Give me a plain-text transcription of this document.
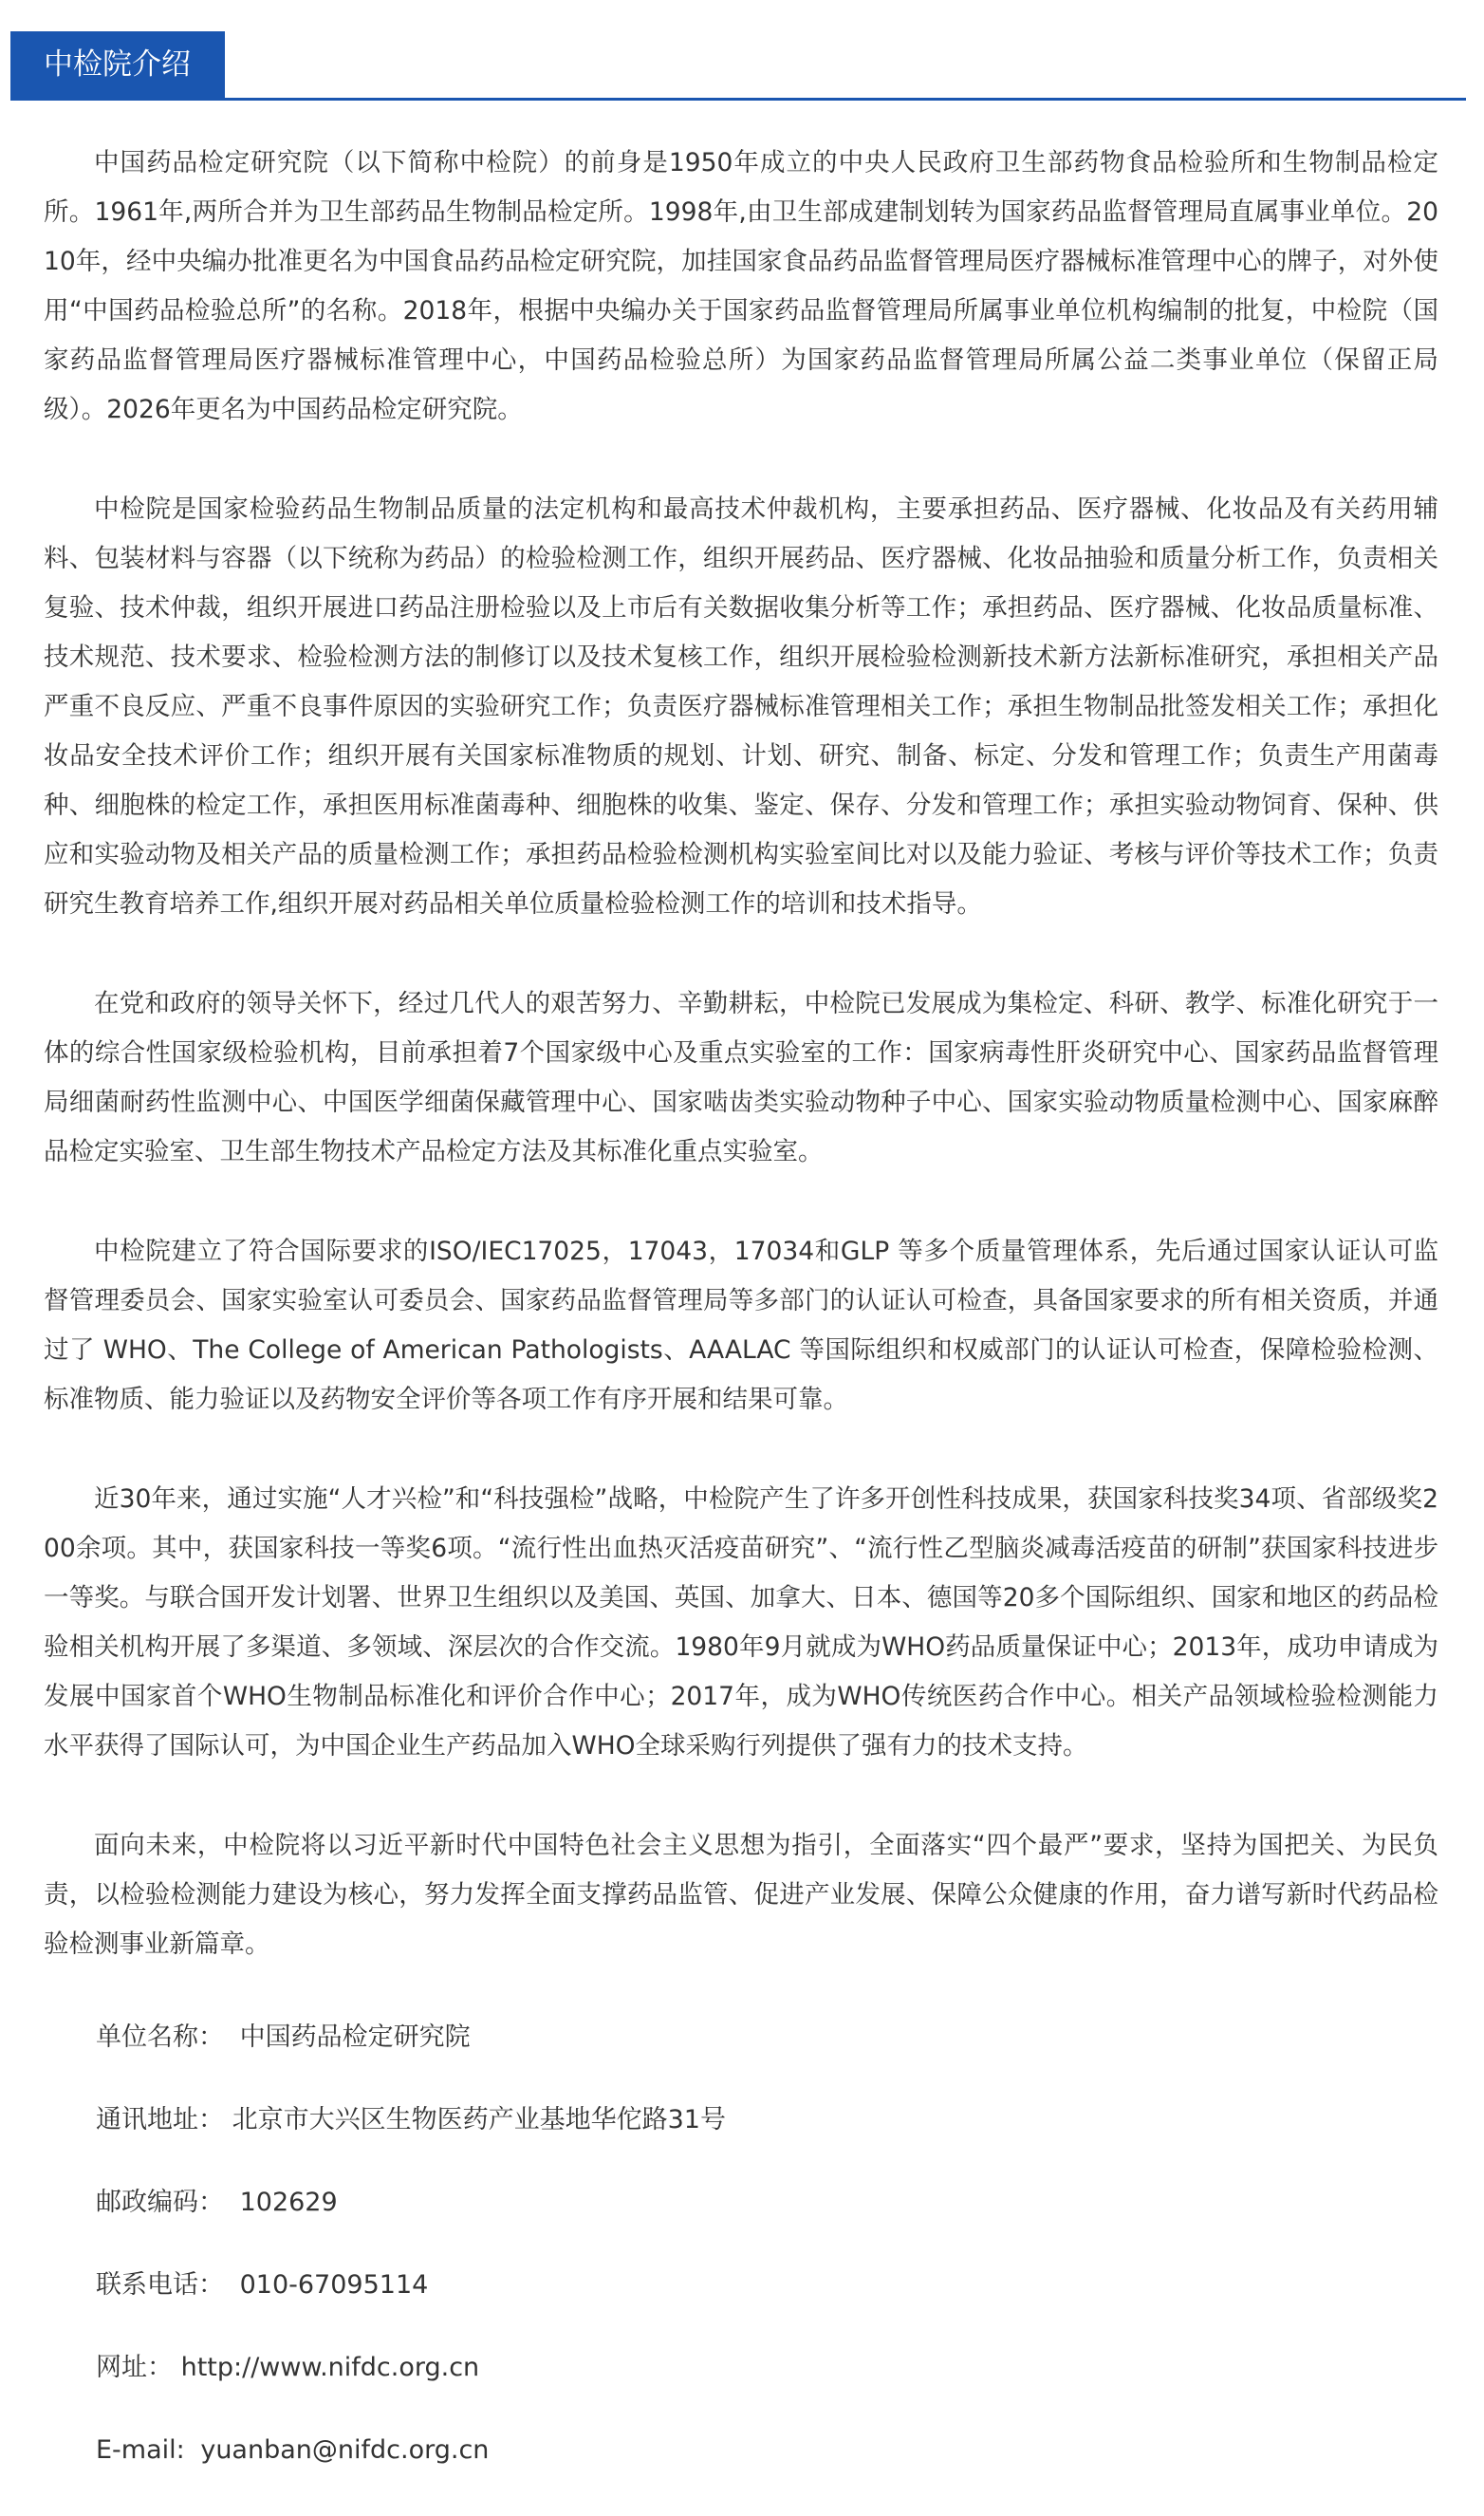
中检院介绍

中国药品检定研究院（以下简称中检院）的前身是1950年成立的中央人民政府卫生部药物食品检验所和生物制品检定所。1961年,两所合并为卫生部药品生物制品检定所。1998年,由卫生部成建制划转为国家药品监督管理局直属事业单位。2010年，经中央编办批准更名为中国食品药品检定研究院，加挂国家食品药品监督管理局医疗器械标准管理中心的牌子，对外使用“中国药品检验总所”的名称。2018年，根据中央编办关于国家药品监督管理局所属事业单位机构编制的批复，中检院（国家药品监督管理局医疗器械标准管理中心，中国药品检验总所）为国家药品监督管理局所属公益二类事业单位（保留正局级）。2026年更名为中国药品检定研究院。

中检院是国家检验药品生物制品质量的法定机构和最高技术仲裁机构，主要承担药品、医疗器械、化妆品及有关药用辅料、包装材料与容器（以下统称为药品）的检验检测工作，组织开展药品、医疗器械、化妆品抽验和质量分析工作，负责相关复验、技术仲裁，组织开展进口药品注册检验以及上市后有关数据收集分析等工作；承担药品、医疗器械、化妆品质量标准、技术规范、技术要求、检验检测方法的制修订以及技术复核工作，组织开展检验检测新技术新方法新标准研究，承担相关产品严重不良反应、严重不良事件原因的实验研究工作；负责医疗器械标准管理相关工作；承担生物制品批签发相关工作；承担化妆品安全技术评价工作；组织开展有关国家标准物质的规划、计划、研究、制备、标定、分发和管理工作；负责生产用菌毒种、细胞株的检定工作，承担医用标准菌毒种、细胞株的收集、鉴定、保存、分发和管理工作；承担实验动物饲育、保种、供应和实验动物及相关产品的质量检测工作；承担药品检验检测机构实验室间比对以及能力验证、考核与评价等技术工作；负责研究生教育培养工作,组织开展对药品相关单位质量检验检测工作的培训和技术指导。

在党和政府的领导关怀下，经过几代人的艰苦努力、辛勤耕耘，中检院已发展成为集检定、科研、教学、标准化研究于一体的综合性国家级检验机构，目前承担着7个国家级中心及重点实验室的工作：国家病毒性肝炎研究中心、国家药品监督管理局细菌耐药性监测中心、中国医学细菌保藏管理中心、国家啮齿类实验动物种子中心、国家实验动物质量检测中心、国家麻醉品检定实验室、卫生部生物技术产品检定方法及其标准化重点实验室。

中检院建立了符合国际要求的ISO/IEC17025，17043，17034和GLP 等多个质量管理体系，先后通过国家认证认可监督管理委员会、国家实验室认可委员会、国家药品监督管理局等多部门的认证认可检查，具备国家要求的所有相关资质，并通过了 WHO、The College of American Pathologists、AAALAC 等国际组织和权威部门的认证认可检查，保障检验检测、标准物质、能力验证以及药物安全评价等各项工作有序开展和结果可靠。

近30年来，通过实施“人才兴检”和“科技强检”战略，中检院产生了许多开创性科技成果，获国家科技奖34项、省部级奖200余项。其中，获国家科技一等奖6项。“流行性出血热灭活疫苗研究”、“流行性乙型脑炎减毒活疫苗的研制”获国家科技进步一等奖。与联合国开发计划署、世界卫生组织以及美国、英国、加拿大、日本、德国等20多个国际组织、国家和地区的药品检验相关机构开展了多渠道、多领域、深层次的合作交流。1980年9月就成为WHO药品质量保证中心；2013年，成功申请成为发展中国家首个WHO生物制品标准化和评价合作中心；2017年，成为WHO传统医药合作中心。相关产品领域检验检测能力水平获得了国际认可，为中国企业生产药品加入WHO全球采购行列提供了强有力的技术支持。

面向未来，中检院将以习近平新时代中国特色社会主义思想为指引，全面落实“四个最严”要求，坚持为国把关、为民负责，以检验检测能力建设为核心，努力发挥全面支撑药品监管、促进产业发展、保障公众健康的作用，奋力谱写新时代药品检验检测事业新篇章。

单位名称： 中国药品检定研究院
通讯地址： 北京市大兴区生物医药产业基地华佗路31号
邮政编码： 102629
联系电话： 010-67095114
网址： http://www.nifdc.org.cn
E-mail: yuanban@nifdc.org.cn
